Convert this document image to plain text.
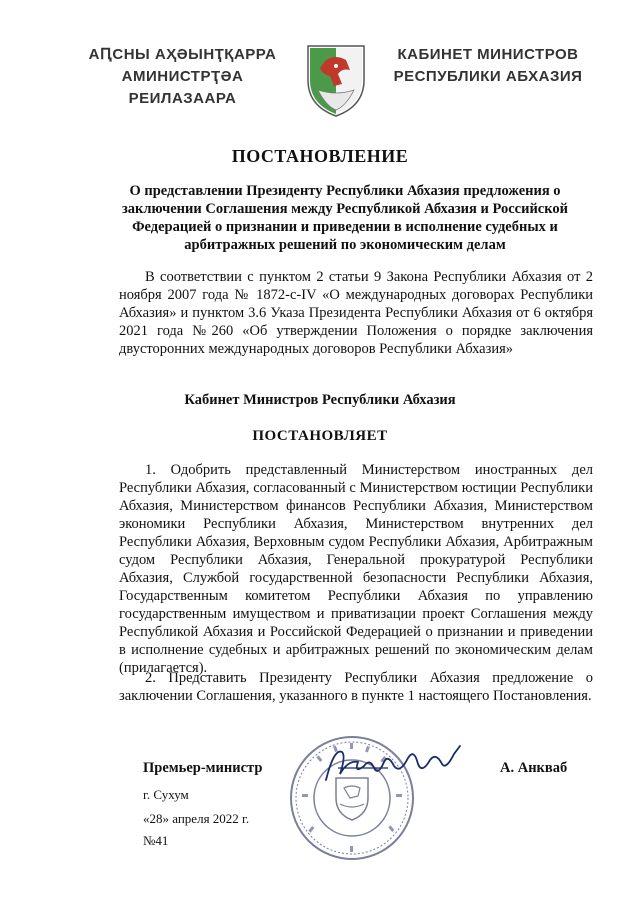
АԤСНЫ АҲӘЫНҬҚАРРА
АМИНИСТРҬӘА РЕИЛАЗААРА
КАБИНЕТ МИНИСТРОВ
РЕСПУБЛИКИ АБХАЗИЯ
ПОСТАНОВЛЕНИЕ
О представлении Президенту Республики Абхазия предложения о заключении Соглашения между Республикой Абхазия и Российской Федерацией о признании и приведении в исполнение судебных и арбитражных решений по экономическим делам

В соответствии с пунктом 2 статьи 9 Закона Республики Абхазия от 2 ноября 2007 года № 1872-с-IV «О международных договорах Республики Абхазия» и пунктом 3.6 Указа Президента Республики Абхазия от 6 октября 2021 года №260 «Об утверждении Положения о порядке заключения двусторонних международных договоров Республики Абхазия»

Кабинет Министров Республики Абхазия
ПОСТАНОВЛЯЕТ

1. Одобрить представленный Министерством иностранных дел Республики Абхазия, согласованный с Министерством юстиции Республики Абхазия, Министерством финансов Республики Абхазия, Министерством экономики Республики Абхазия, Министерством внутренних дел Республики Абхазия, Верховным судом Республики Абхазия, Арбитражным судом Республики Абхазия, Генеральной прокуратурой Республики Абхазия, Службой государственной безопасности Республики Абхазия, Государственным комитетом Республики Абхазия по управлению государственным имуществом и приватизации проект Соглашения между Республикой Абхазия и Российской Федерацией о признании и приведении в исполнение судебных и арбитражных решений по экономическим делам (прилагается).

2. Представить Президенту Республики Абхазия предложение о заключении Соглашения, указанного в пункте 1 настоящего Постановления.

Премьер-министр	А. Анкваб
г. Сухум
«28» апреля 2022 г.
№41
